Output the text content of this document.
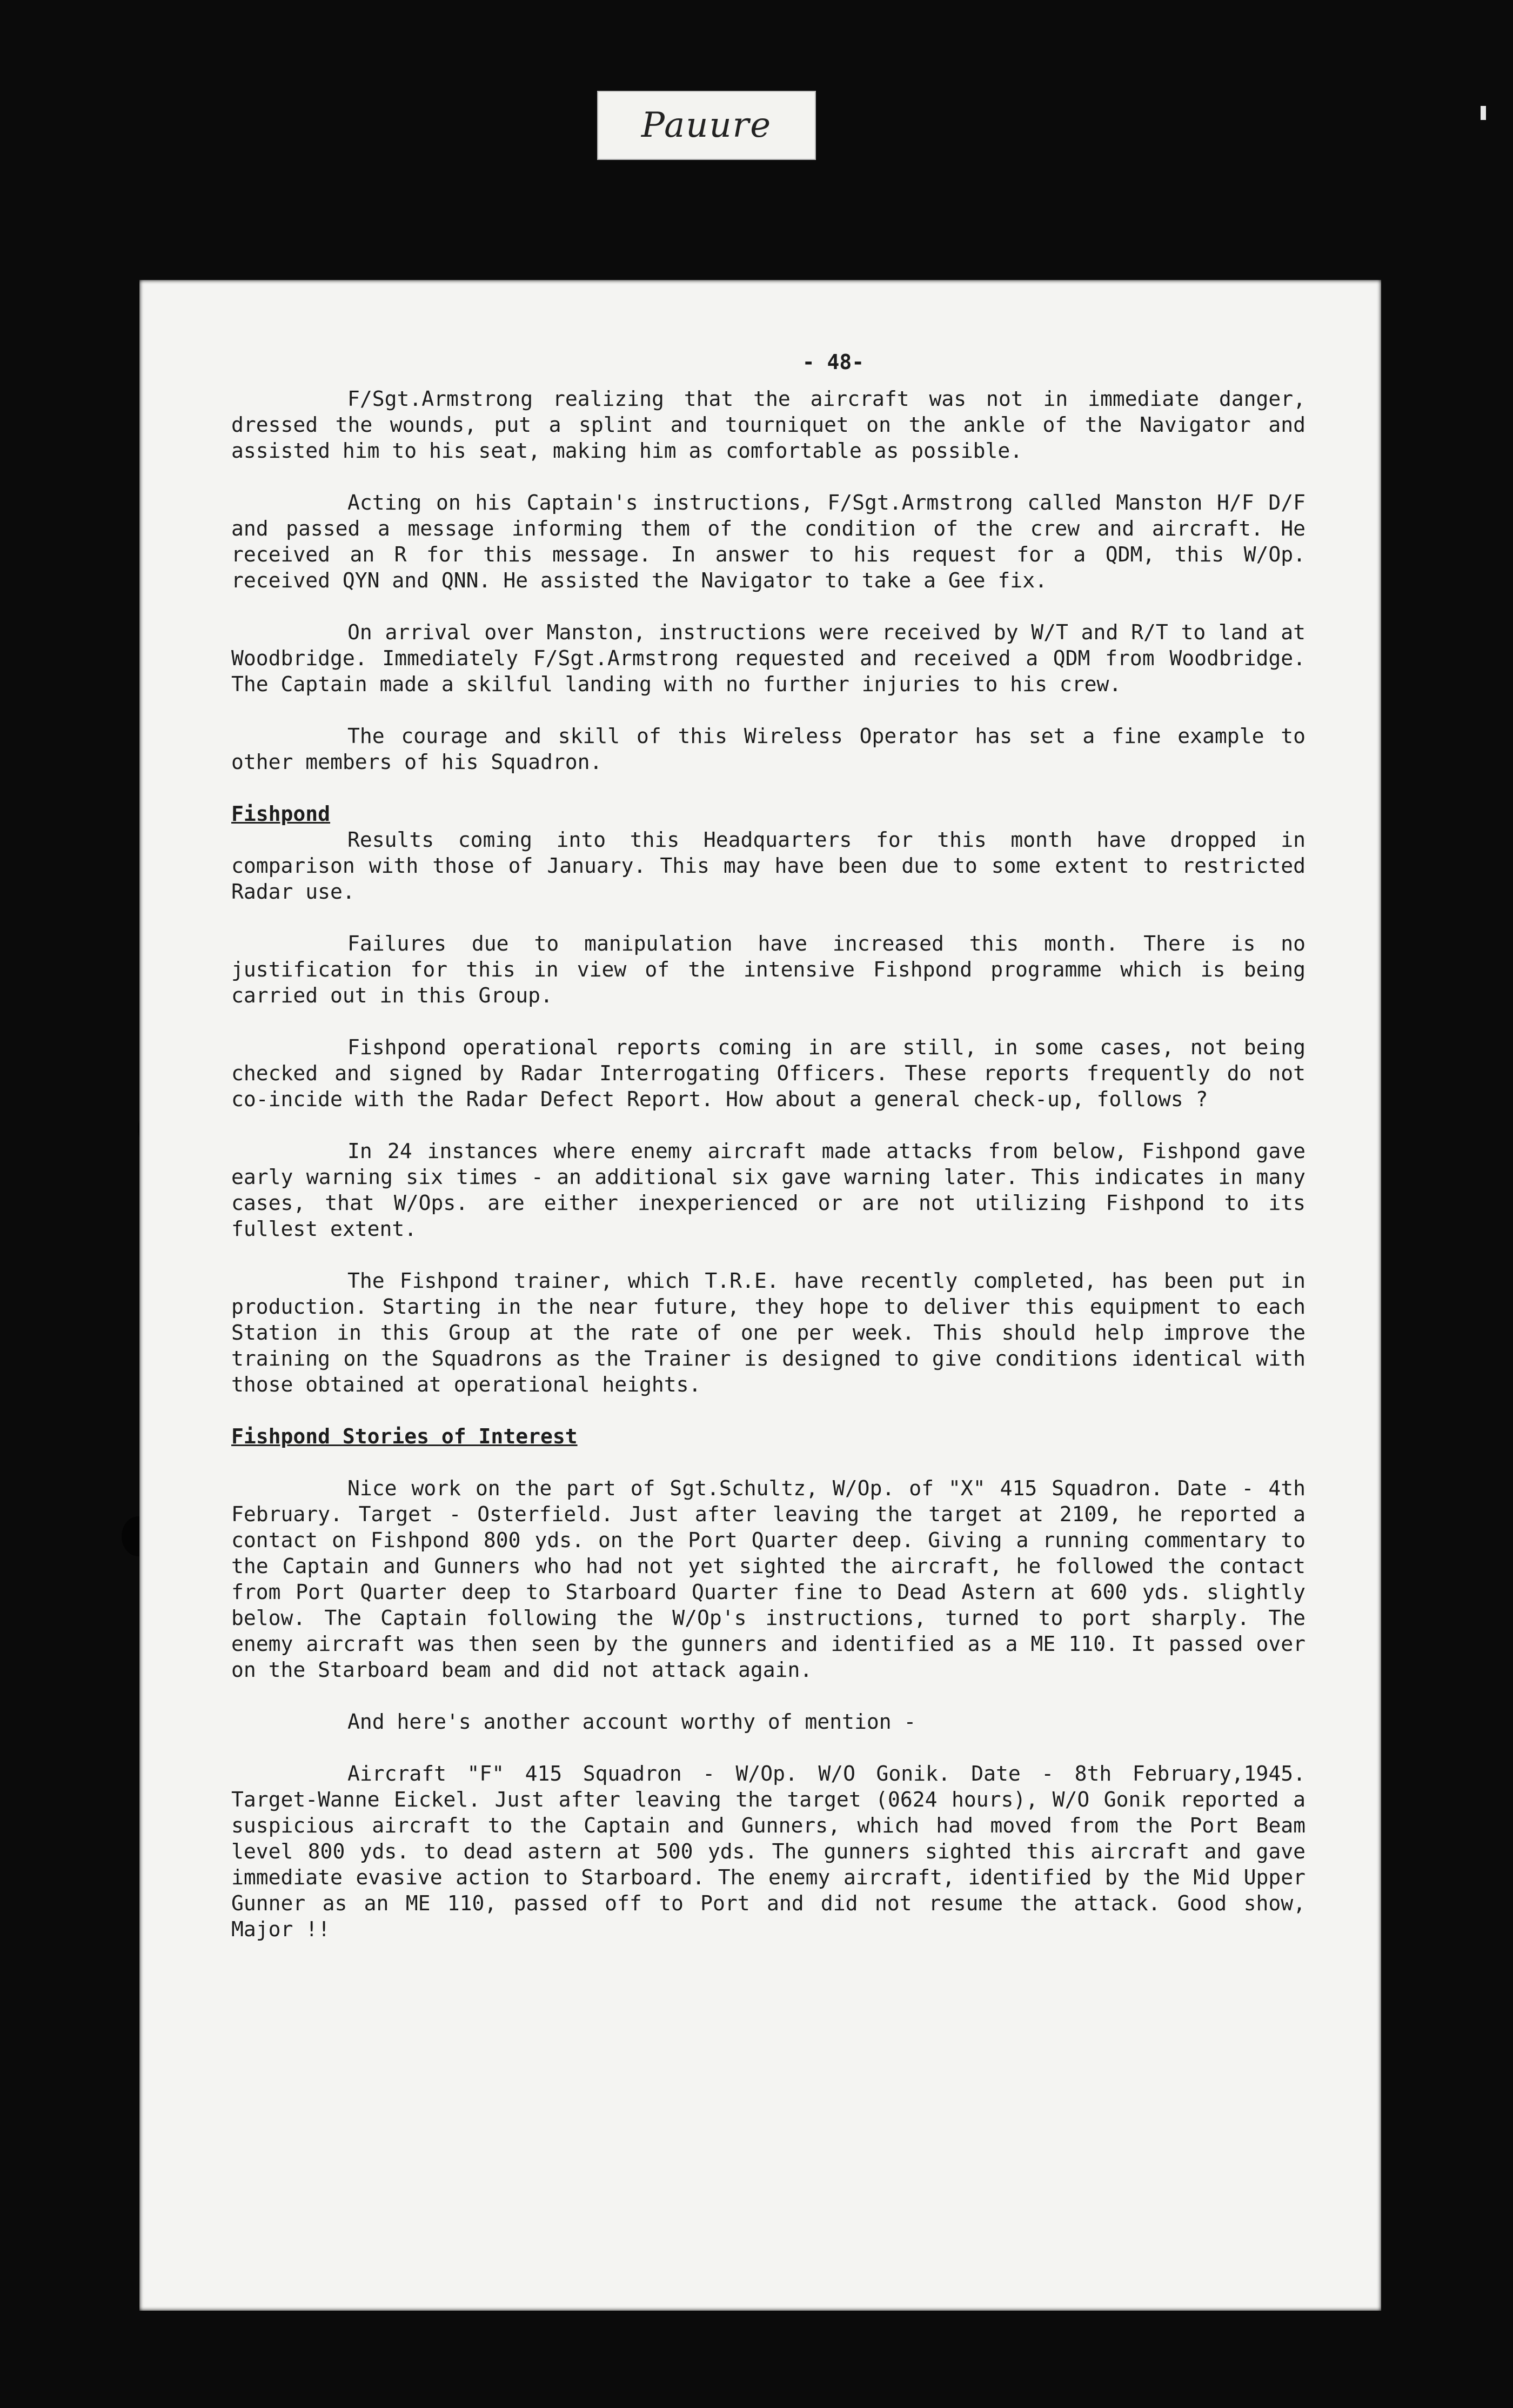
Pauure
- 48-

F/Sgt.Armstrong realizing that the aircraft was not in immediate danger, dressed the wounds, put a splint and tourniquet on the ankle of the Navigator and assisted him to his seat, making him as comfortable as possible.

Acting on his Captain's instructions, F/Sgt.Armstrong called Manston H/F D/F and passed a message informing them of the condition of the crew and aircraft. He received an R for this message. In answer to his request for a QDM, this W/Op. received QYN and QNN. He assisted the Navigator to take a Gee fix.

On arrival over Manston, instructions were received by W/T and R/T to land at Woodbridge. Immediately F/Sgt.Armstrong requested and received a QDM from Woodbridge. The Captain made a skilful landing with no further injuries to his crew.

The courage and skill of this Wireless Operator has set a fine example to other members of his Squadron.

Fishpond

Results coming into this Headquarters for this month have dropped in comparison with those of January. This may have been due to some extent to restricted Radar use.

Failures due to manipulation have increased this month. There is no justification for this in view of the intensive Fishpond programme which is being carried out in this Group.

Fishpond operational reports coming in are still, in some cases, not being checked and signed by Radar Interrogating Officers. These reports frequently do not co-incide with the Radar Defect Report. How about a general check-up, follows ?

In 24 instances where enemy aircraft made attacks from below, Fishpond gave early warning six times - an additional six gave warning later. This indicates in many cases, that W/Ops. are either inexperienced or are not utilizing Fishpond to its fullest extent.

The Fishpond trainer, which T.R.E. have recently completed, has been put in production. Starting in the near future, they hope to deliver this equipment to each Station in this Group at the rate of one per week. This should help improve the training on the Squadrons as the Trainer is designed to give conditions identical with those obtained at operational heights.

Fishpond Stories of Interest

Nice work on the part of Sgt.Schultz, W/Op. of "X" 415 Squadron. Date - 4th February. Target - Osterfield. Just after leaving the target at 2109, he reported a contact on Fishpond 800 yds. on the Port Quarter deep. Giving a running commentary to the Captain and Gunners who had not yet sighted the aircraft, he followed the contact from Port Quarter deep to Starboard Quarter fine to Dead Astern at 600 yds. slightly below. The Captain following the W/Op's instructions, turned to port sharply. The enemy aircraft was then seen by the gunners and identified as a ME 110. It passed over on the Starboard beam and did not attack again.

And here's another account worthy of mention -

Aircraft "F" 415 Squadron - W/Op. W/O Gonik. Date - 8th February,1945. Target-Wanne Eickel. Just after leaving the target (0624 hours), W/O Gonik reported a suspicious aircraft to the Captain and Gunners, which had moved from the Port Beam level 800 yds. to dead astern at 500 yds. The gunners sighted this aircraft and gave immediate evasive action to Starboard. The enemy aircraft, identified by the Mid Upper Gunner as an ME 110, passed off to Port and did not resume the attack. Good show, Major !!
